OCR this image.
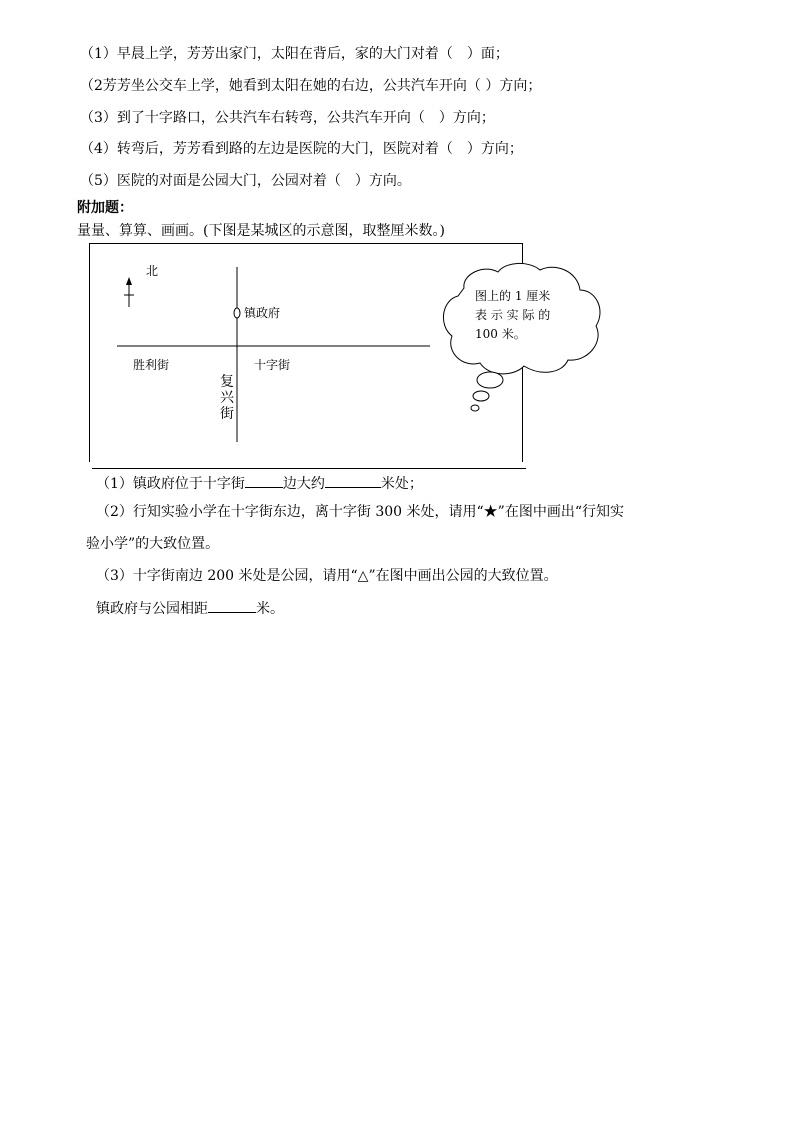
（1）早晨上学，芳芳出家门，太阳在背后，家的大门对着（　）面；
（2芳芳坐公交车上学，她看到太阳在她的右边，公共汽车开向（ ）方向；
（3）到了十字路口，公共汽车右转弯，公共汽车开向（　）方向；
（4）转弯后，芳芳看到路的左边是医院的大门，医院对着（　）方向；
（5）医院的对面是公园大门，公园对着（　）方向。
附加题：
量量、算算、画画。(下图是某城区的示意图，取整厘米数。)
北
镇政府
胜利街	十字街
复
兴
街
图上的 1 厘米
表 示 实 际 的
100 米。
（1）镇政府位于十字街	边大约	米处；
（2）行知实验小学在十字街东边，离十字街 300 米处，请用“★”在图中画出“行知实
验小学”的大致位置。
（3）十字街南边 200 米处是公园，请用“△”在图中画出公园的大致位置。
镇政府与公园相距	米。
